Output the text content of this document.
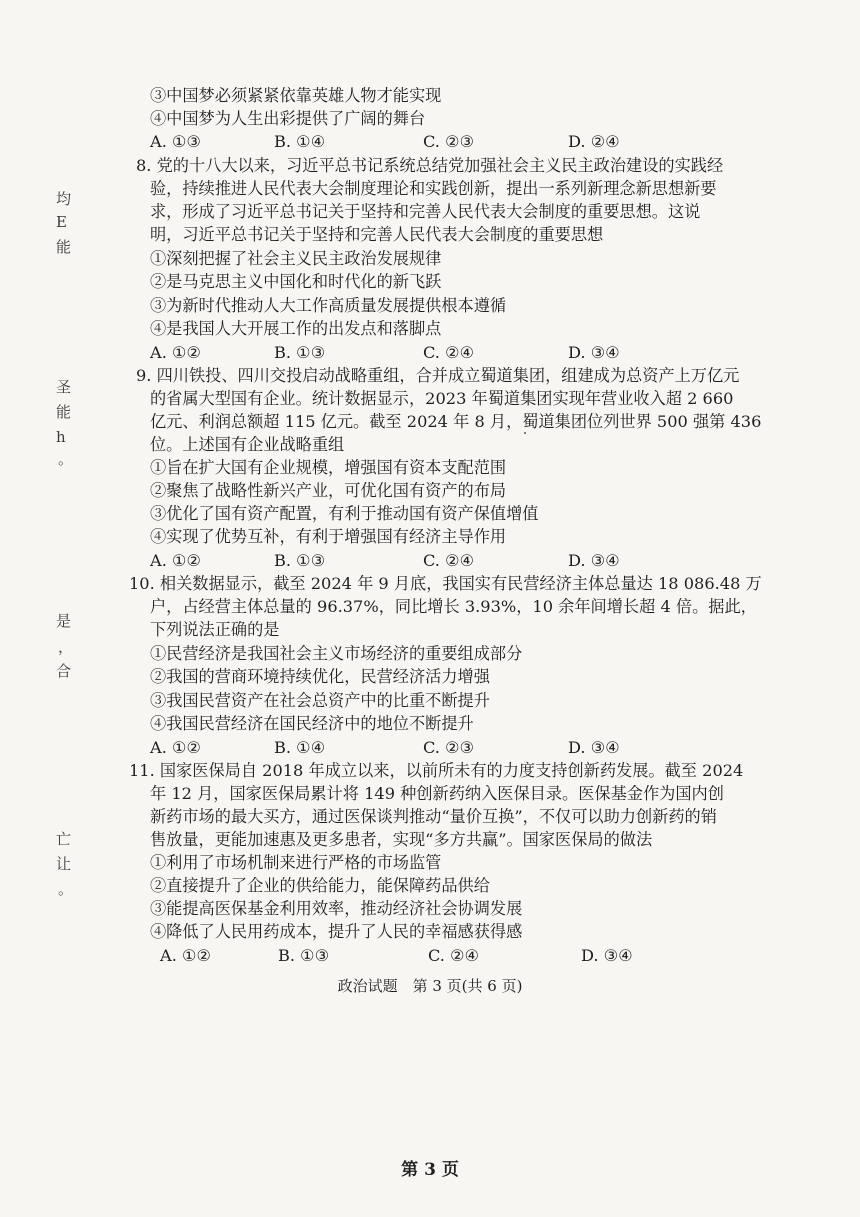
均
E
能
圣
能
h
。
是
，
合
亡
让
。
③中国梦必须紧紧依靠英雄人物才能实现
④中国梦为人生出彩提供了广阔的舞台
A. ①③	B. ①④	C. ②③	D. ②④
8. 党的十八大以来，习近平总书记系统总结党加强社会主义民主政治建设的实践经
验，持续推进人民代表大会制度理论和实践创新，提出一系列新理念新思想新要
求，形成了习近平总书记关于坚持和完善人民代表大会制度的重要思想。这说
明，习近平总书记关于坚持和完善人民代表大会制度的重要思想
①深刻把握了社会主义民主政治发展规律
②是马克思主义中国化和时代化的新飞跃
③为新时代推动人大工作高质量发展提供根本遵循
④是我国人大开展工作的出发点和落脚点
A. ①②	B. ①③	C. ②④	D. ③④
9. 四川铁投、四川交投启动战略重组，合并成立蜀道集团，组建成为总资产上万亿元
的省属大型国有企业。统计数据显示，2023 年蜀道集团实现年营业收入超 2 660
亿元、利润总额超 115 亿元。截至 2024 年 8 月，蜀道集团位列世界 500 强第 436
位。上述国有企业战略重组
①旨在扩大国有企业规模，增强国有资本支配范围
②聚焦了战略性新兴产业，可优化国有资产的布局
③优化了国有资产配置，有利于推动国有资产保值增值
④实现了优势互补，有利于增强国有经济主导作用
A. ①②	B. ①③	C. ②④	D. ③④
10. 相关数据显示，截至 2024 年 9 月底，我国实有民营经济主体总量达 18 086.48 万
户，占经营主体总量的 96.37%，同比增长 3.93%，10 余年间增长超 4 倍。据此，
下列说法正确的是
①民营经济是我国社会主义市场经济的重要组成部分
②我国的营商环境持续优化，民营经济活力增强
③我国民营资产在社会总资产中的比重不断提升
④我国民营经济在国民经济中的地位不断提升
A. ①②	B. ①④	C. ②③	D. ③④
11. 国家医保局自 2018 年成立以来，以前所未有的力度支持创新药发展。截至 2024
年 12 月，国家医保局累计将 149 种创新药纳入医保目录。医保基金作为国内创
新药市场的最大买方，通过医保谈判推动“量价互换”，不仅可以助力创新药的销
售放量，更能加速惠及更多患者，实现“多方共赢”。国家医保局的做法
①利用了市场机制来进行严格的市场监管
②直接提升了企业的供给能力，能保障药品供给
③能提高医保基金利用效率，推动经济社会协调发展
④降低了人民用药成本，提升了人民的幸福感获得感
A. ①②	B. ①③	C. ②④	D. ③④
政治试题　第 3 页(共 6 页)
第 3 页
